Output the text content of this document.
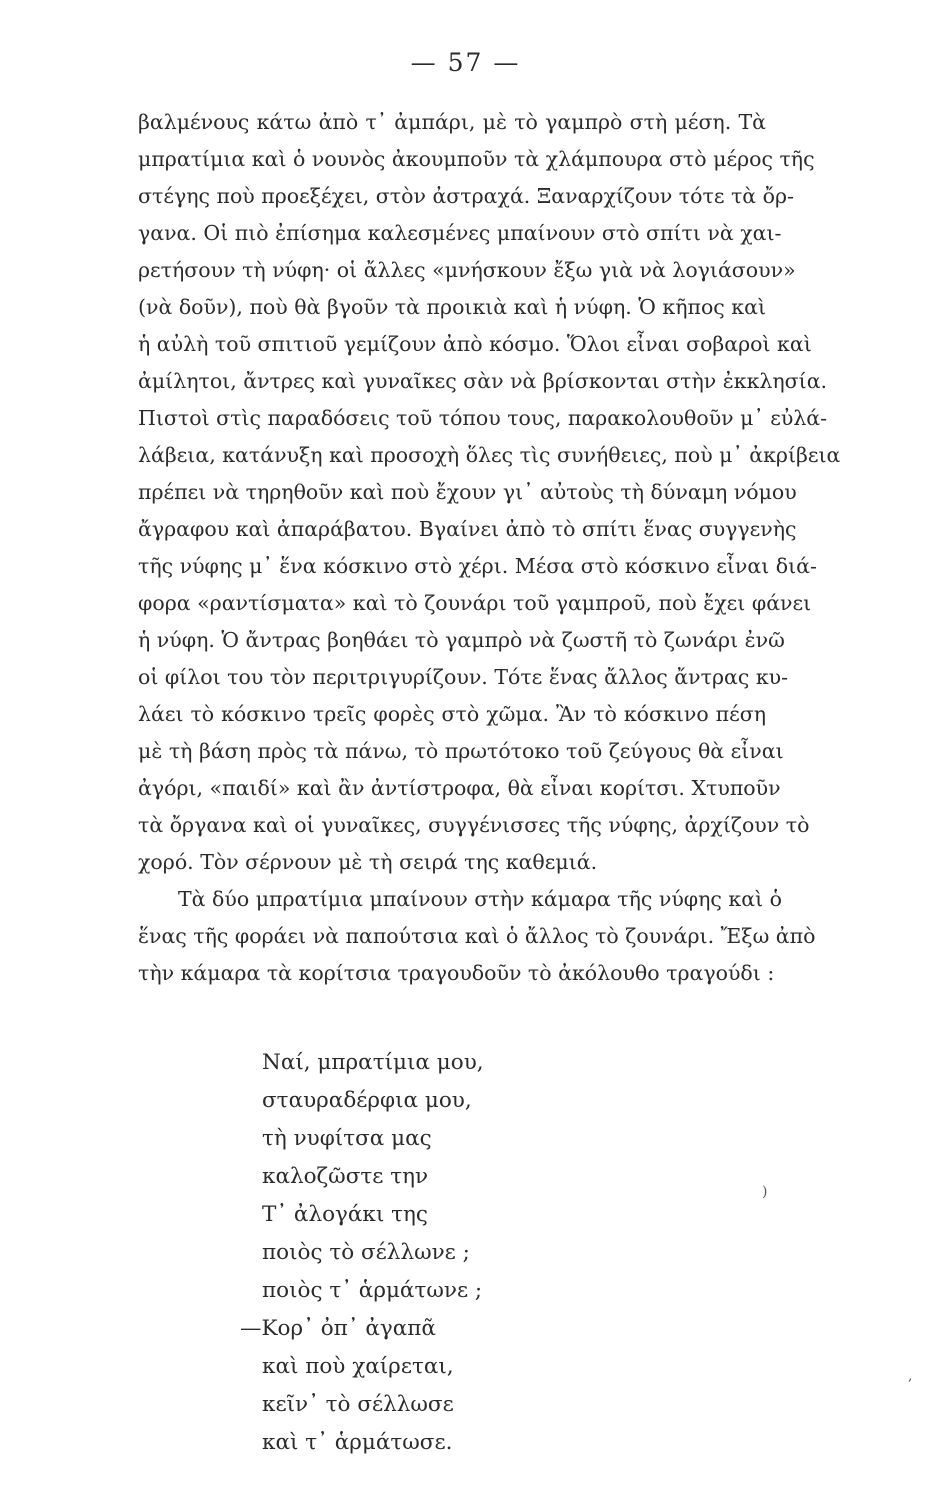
— 57 —
βαλμένους κάτω ἀπὸ τ᾽ ἀμπάρι, μὲ τὸ γαμπρὸ στὴ μέση. Τὰ
μπρατίμια καὶ ὁ νουνὸς ἀκουμποῦν τὰ χλάμπουρα στὸ μέρος τῆς
στέγης ποὺ προεξέχει, στὸν ἀστραχά. Ξαναρχίζουν τότε τὰ ὄρ-
γανα. Οἱ πιὸ ἐπίσημα καλεσμένες μπαίνουν στὸ σπίτι νὰ χαι-
ρετήσουν τὴ νύφη· οἱ ἄλλες «μνήσκουν ἔξω γιὰ νὰ λογιάσουν»
(νὰ δοῦν), ποὺ θὰ βγοῦν τὰ προικιὰ καὶ ἡ νύφη. Ὁ κῆπος καὶ
ἡ αὐλὴ τοῦ σπιτιοῦ γεμίζουν ἀπὸ κόσμο. Ὅλοι εἶναι σοβαροὶ καὶ
ἀμίλητοι, ἄντρες καὶ γυναῖκες σὰν νὰ βρίσκονται στὴν ἐκκλησία.
Πιστοὶ στὶς παραδόσεις τοῦ τόπου τους, παρακολουθοῦν μ᾽ εὐλά-
λάβεια, κατάνυξη καὶ προσοχὴ ὅλες τὶς συνήθειες, ποὺ μ᾽ ἀκρίβεια
πρέπει νὰ τηρηθοῦν καὶ ποὺ ἔχουν γι᾽ αὐτοὺς τὴ δύναμη νόμου
ἄγραφου καὶ ἀπαράβατου. Βγαίνει ἀπὸ τὸ σπίτι ἕνας συγγενὴς
τῆς νύφης μ᾽ ἕνα κόσκινο στὸ χέρι. Μέσα στὸ κόσκινο εἶναι διά-
φορα «ραντίσματα» καὶ τὸ ζουνάρι τοῦ γαμπροῦ, ποὺ ἔχει φάνει
ἡ νύφη. Ὁ ἄντρας βοηθάει τὸ γαμπρὸ νὰ ζωστῆ τὸ ζωνάρι ἐνῶ
οἱ φίλοι του τὸν περιτριγυρίζουν. Τότε ἕνας ἄλλος ἄντρας κυ-
λάει τὸ κόσκινο τρεῖς φορὲς στὸ χῶμα. Ἂν τὸ κόσκινο πέση
μὲ τὴ βάση πρὸς τὰ πάνω, τὸ πρωτότοκο τοῦ ζεύγους θὰ εἶναι
ἀγόρι, «παιδί» καὶ ἂν ἀντίστροφα, θὰ εἶναι κορίτσι. Χτυποῦν
τὰ ὄργανα καὶ οἱ γυναῖκες, συγγένισσες τῆς νύφης, ἀρχίζουν τὸ
χορό. Τὸν σέρνουν μὲ τὴ σειρά της καθεμιά.
Τὰ δύο μπρατίμια μπαίνουν στὴν κάμαρα τῆς νύφης καὶ ὁ
ἕνας τῆς φοράει νὰ παπούτσια καὶ ὁ ἄλλος τὸ ζουνάρι. Ἔξω ἀπὸ
τὴν κάμαρα τὰ κορίτσια τραγουδοῦν τὸ ἀκόλουθο τραγούδι :
Ναί, μπρατίμια μου,
σταυραδέρφια μου,
τὴ νυφίτσα μας
καλοζῶστε την
Τ᾽ ἀλογάκι της
ποιὸς τὸ σέλλωνε ;
ποιὸς τ᾽ ἁρμάτωνε ;
—Κορ᾽ ὀπ᾽ ἀγαπᾶ
καὶ ποὺ χαίρεται,
κεῖν᾽ τὸ σέλλωσε
καὶ τ᾽ ἁρμάτωσε.
)
,
